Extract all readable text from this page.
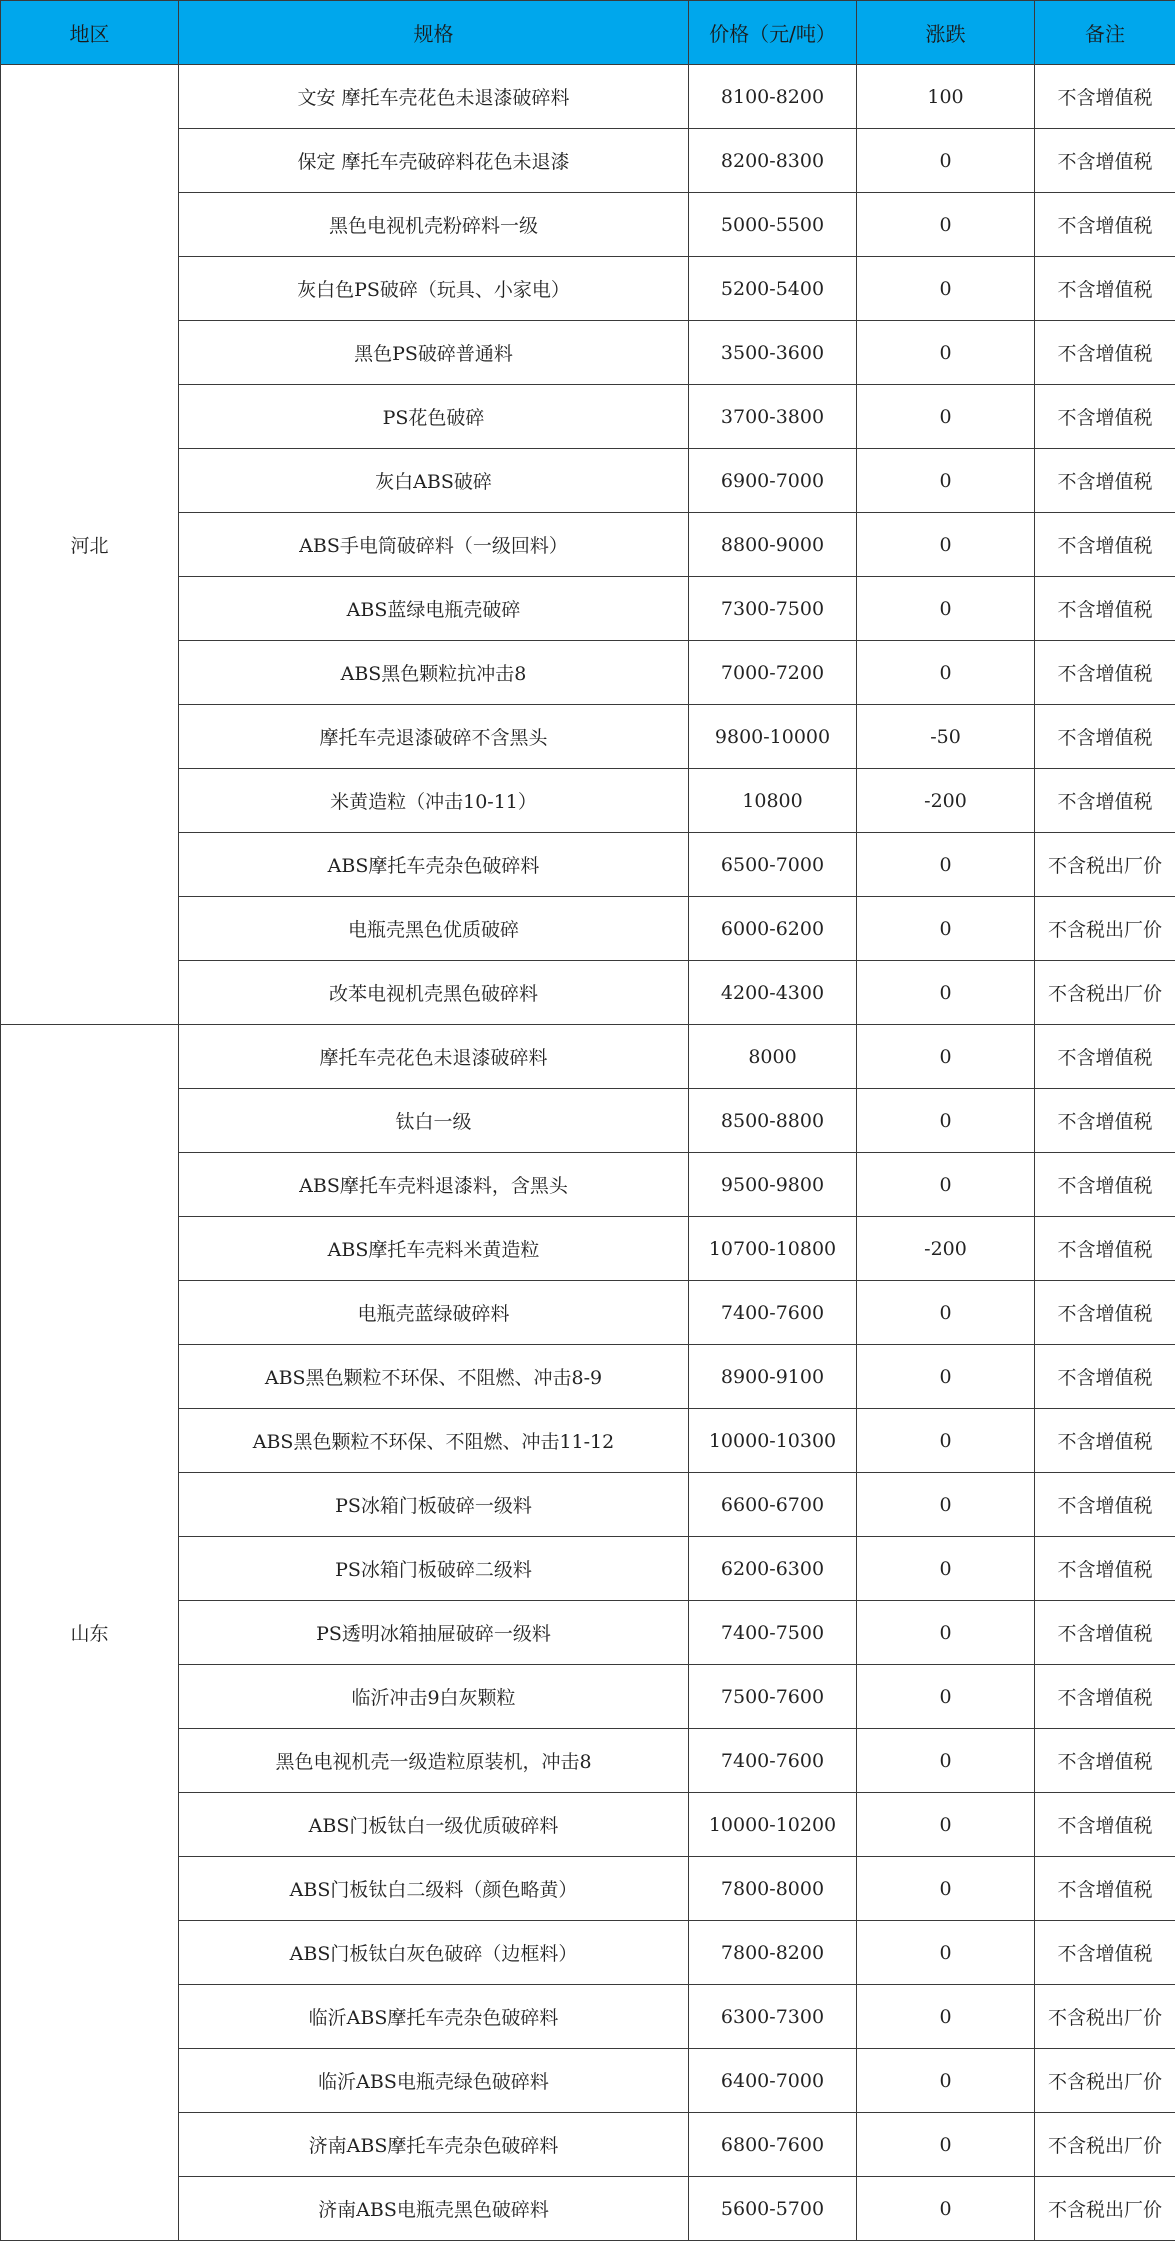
地区	规格	价格（元/吨）	涨跌	备注
河北	文安 摩托车壳花色未退漆破碎料	8100-8200	100	不含增值税
	保定 摩托车壳破碎料花色未退漆	8200-8300	0	不含增值税
	黑色电视机壳粉碎料一级	5000-5500	0	不含增值税
	灰白色PS破碎（玩具、小家电）	5200-5400	0	不含增值税
	黑色PS破碎普通料	3500-3600	0	不含增值税
	PS花色破碎	3700-3800	0	不含增值税
	灰白ABS破碎	6900-7000	0	不含增值税
	ABS手电筒破碎料（一级回料）	8800-9000	0	不含增值税
	ABS蓝绿电瓶壳破碎	7300-7500	0	不含增值税
	ABS黑色颗粒抗冲击8	7000-7200	0	不含增值税
	摩托车壳退漆破碎不含黑头	9800-10000	-50	不含增值税
	米黄造粒（冲击10-11）	10800	-200	不含增值税
	ABS摩托车壳杂色破碎料	6500-7000	0	不含税出厂价
	电瓶壳黑色优质破碎	6000-6200	0	不含税出厂价
	改苯电视机壳黑色破碎料	4200-4300	0	不含税出厂价
山东	摩托车壳花色未退漆破碎料	8000	0	不含增值税
	钛白一级	8500-8800	0	不含增值税
	ABS摩托车壳料退漆料，含黑头	9500-9800	0	不含增值税
	ABS摩托车壳料米黄造粒	10700-10800	-200	不含增值税
	电瓶壳蓝绿破碎料	7400-7600	0	不含增值税
	ABS黑色颗粒不环保、不阻燃、冲击8-9	8900-9100	0	不含增值税
	ABS黑色颗粒不环保、不阻燃、冲击11-12	10000-10300	0	不含增值税
	PS冰箱门板破碎一级料	6600-6700	0	不含增值税
	PS冰箱门板破碎二级料	6200-6300	0	不含增值税
	PS透明冰箱抽屉破碎一级料	7400-7500	0	不含增值税
	临沂冲击9白灰颗粒	7500-7600	0	不含增值税
	黑色电视机壳一级造粒原装机，冲击8	7400-7600	0	不含增值税
	ABS门板钛白一级优质破碎料	10000-10200	0	不含增值税
	ABS门板钛白二级料（颜色略黄）	7800-8000	0	不含增值税
	ABS门板钛白灰色破碎（边框料）	7800-8200	0	不含增值税
	临沂ABS摩托车壳杂色破碎料	6300-7300	0	不含税出厂价
	临沂ABS电瓶壳绿色破碎料	6400-7000	0	不含税出厂价
	济南ABS摩托车壳杂色破碎料	6800-7600	0	不含税出厂价
	济南ABS电瓶壳黑色破碎料	5600-5700	0	不含税出厂价
